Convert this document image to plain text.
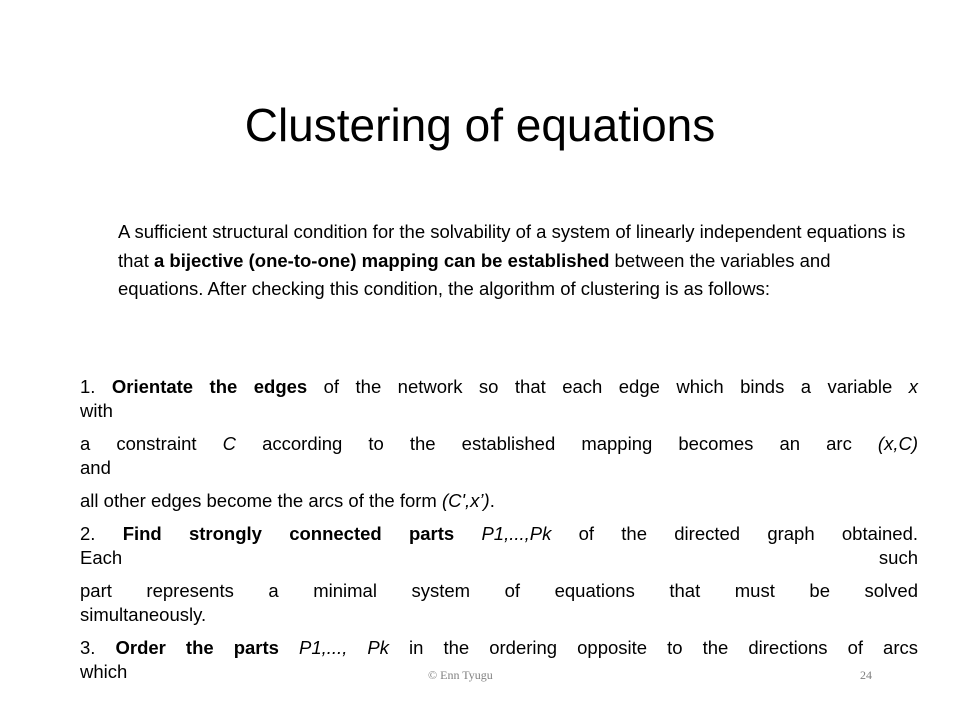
Clustering of equations
A sufficient structural condition for the solvability of a system of linearly independent equations is that a bijective (one-to-one) mapping can be established between the variables and equations. After checking this condition, the algorithm of clustering is as follows:
1. Orientate the edges of the network so that each edge which binds a variable x
with
a constraint C according to the established mapping becomes an arc (x,C)
and
all other edges become the arcs of the form (C',x’).
2. Find strongly connected parts P1,...,Pk of the directed graph obtained.
Each such
part represents a minimal system of equations that must be solved
simultaneously.
3. Order the parts P1,..., Pk in the ordering opposite to the directions of arcs
which	© Enn Tyugu	24
